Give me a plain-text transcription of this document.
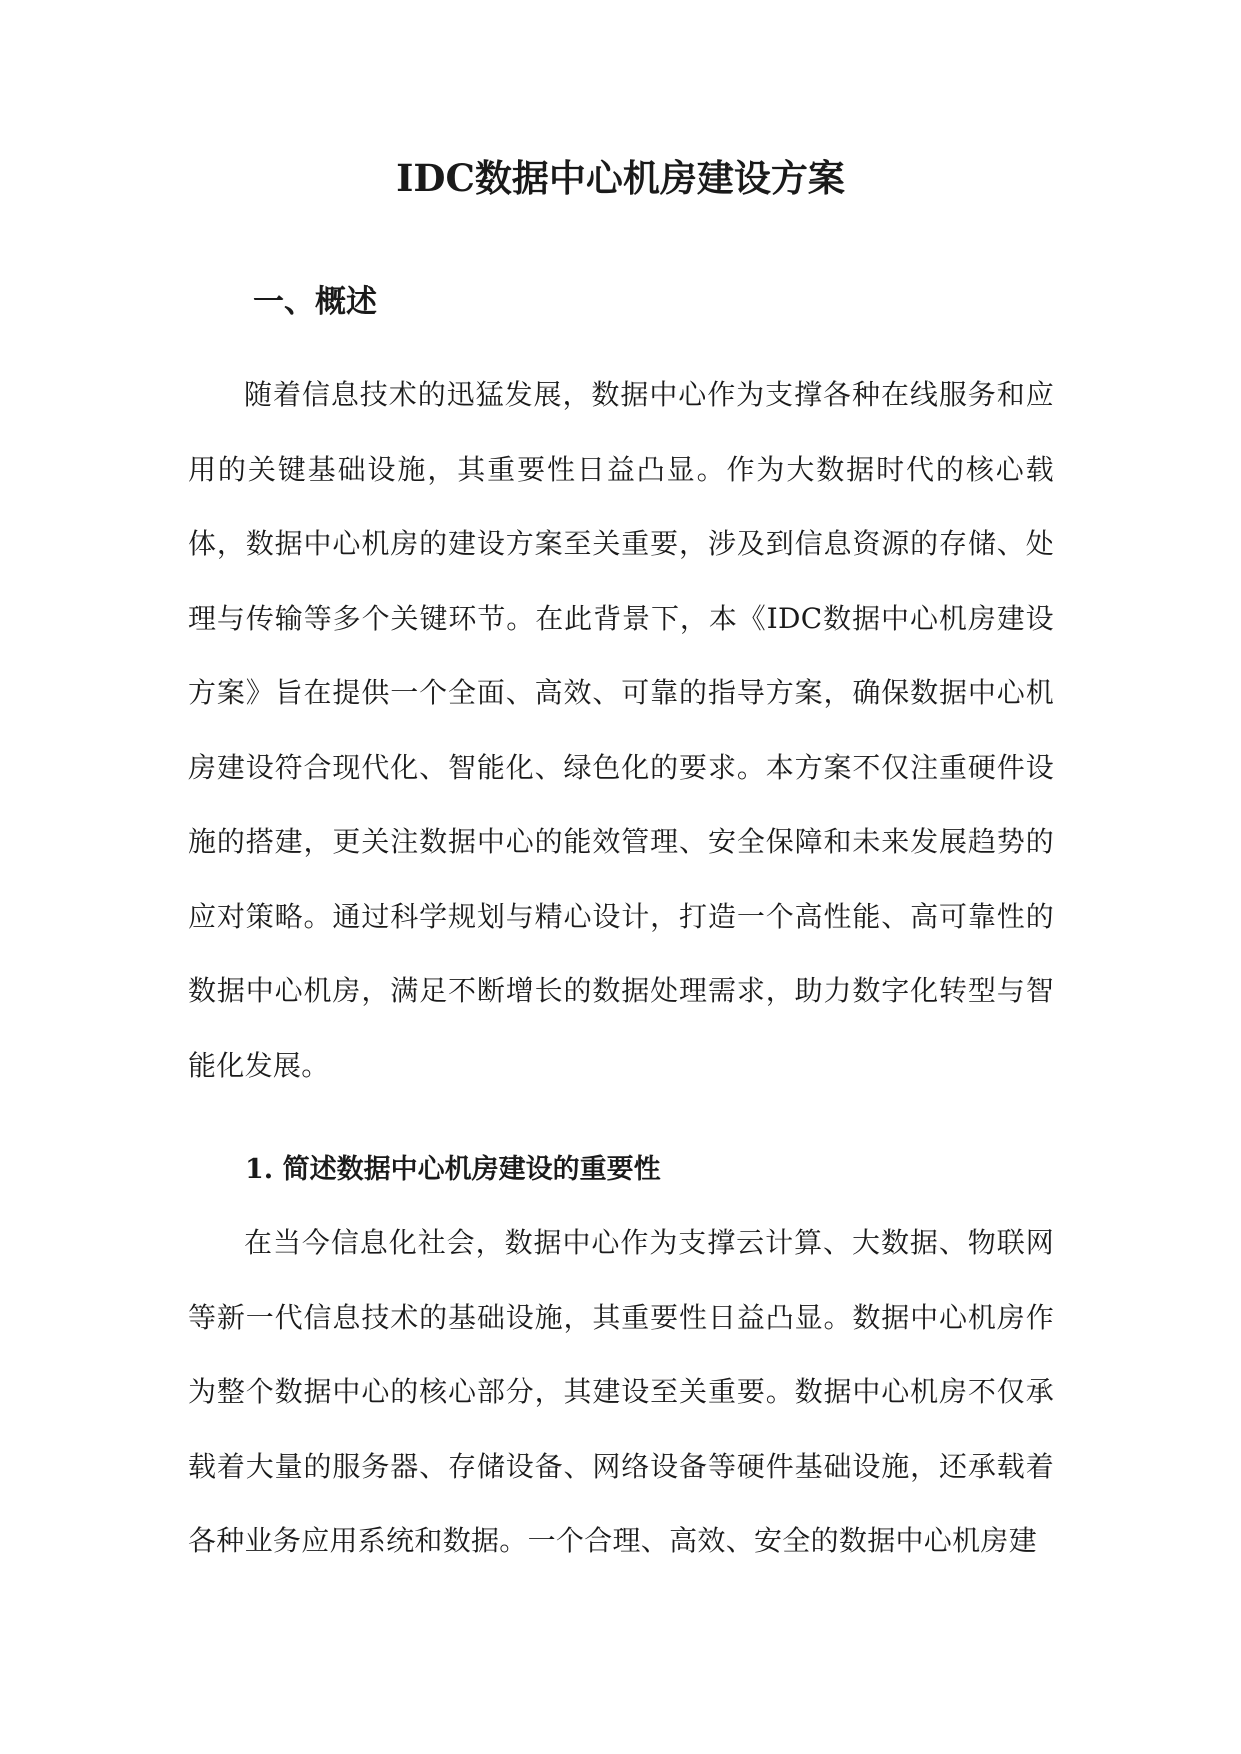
IDC数据中心机房建设方案
一、概述

随着信息技术的迅猛发展，数据中心作为支撑各种在线服务和应用的关键基础设施，其重要性日益凸显。作为大数据时代的核心载体，数据中心机房的建设方案至关重要，涉及到信息资源的存储、处理与传输等多个关键环节。在此背景下，本《IDC数据中心机房建设方案》旨在提供一个全面、高效、可靠的指导方案，确保数据中心机房建设符合现代化、智能化、绿色化的要求。本方案不仅注重硬件设施的搭建，更关注数据中心的能效管理、安全保障和未来发展趋势的应对策略。通过科学规划与精心设计，打造一个高性能、高可靠性的数据中心机房，满足不断增长的数据处理需求，助力数字化转型与智能化发展。

1. 简述数据中心机房建设的重要性

在当今信息化社会，数据中心作为支撑云计算、大数据、物联网等新一代信息技术的基础设施，其重要性日益凸显。数据中心机房作为整个数据中心的核心部分，其建设至关重要。数据中心机房不仅承载着大量的服务器、存储设备、网络设备等硬件基础设施，还承载着各种业务应用系统和数据。一个合理、高效、安全的数据中心机房建
